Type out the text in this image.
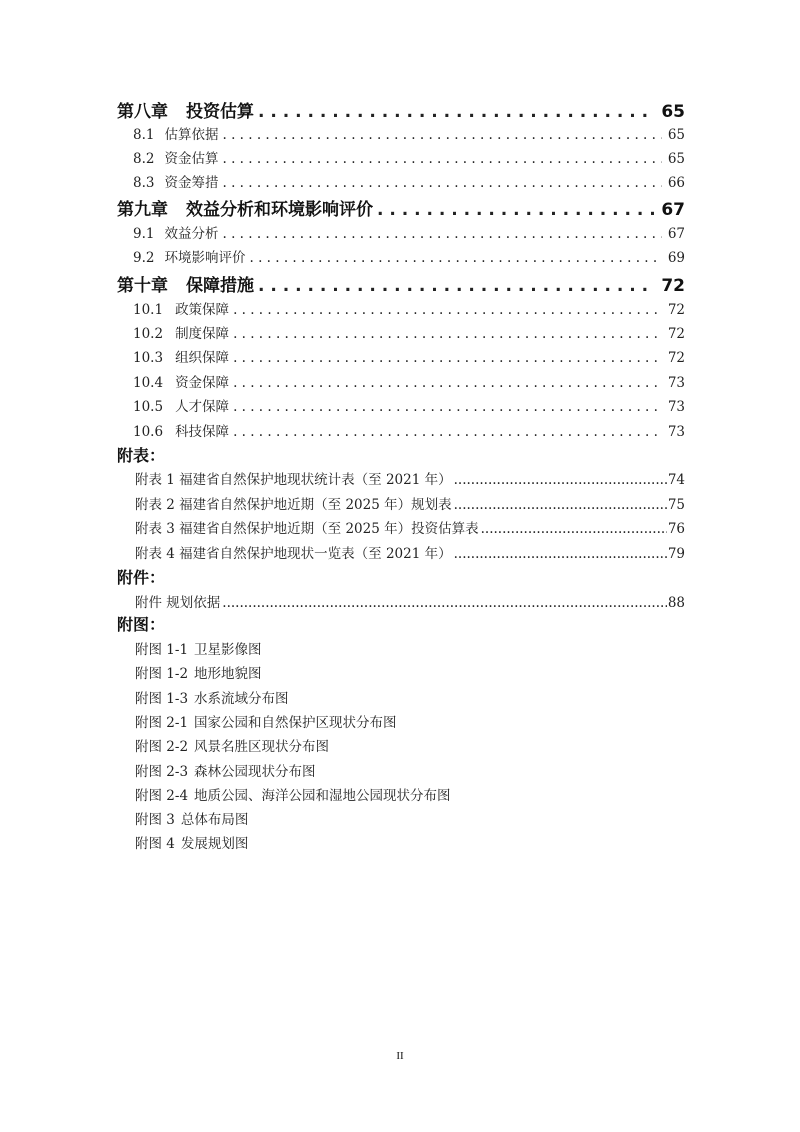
第八章 投资估算 . . .	65
8.1 估算依据 . . .	65
8.2 资金估算 . . .	65
8.3 资金筹措 . . .	66
第九章 效益分析和环境影响评价 . . .	67
9.1 效益分析 . . .	67
9.2 环境影响评价 . . .	69
第十章 保障措施 . . .	72
10.1 政策保障 . . .	72
10.2 制度保障 . . .	72
10.3 组织保障 . . .	72
10.4 资金保障 . . .	73
10.5 人才保障 . . .	73
10.6 科技保障 . . .	73
附表：
附表 1 福建省自然保护地现状统计表（至 2021 年） .....	74
附表 2 福建省自然保护地近期（至 2025 年）规划表 .....	75
附表 3 福建省自然保护地近期（至 2025 年）投资估算表 .....	76
附表 4 福建省自然保护地现状一览表（至 2021 年） .....	79
附件：
附件 规划依据 .....	88
附图：
附图 1-1 卫星影像图
附图 1-2 地形地貌图
附图 1-3 水系流域分布图
附图 2-1 国家公园和自然保护区现状分布图
附图 2-2 风景名胜区现状分布图
附图 2-3 森林公园现状分布图
附图 2-4 地质公园、海洋公园和湿地公园现状分布图
附图 3 总体布局图
附图 4 发展规划图
II
